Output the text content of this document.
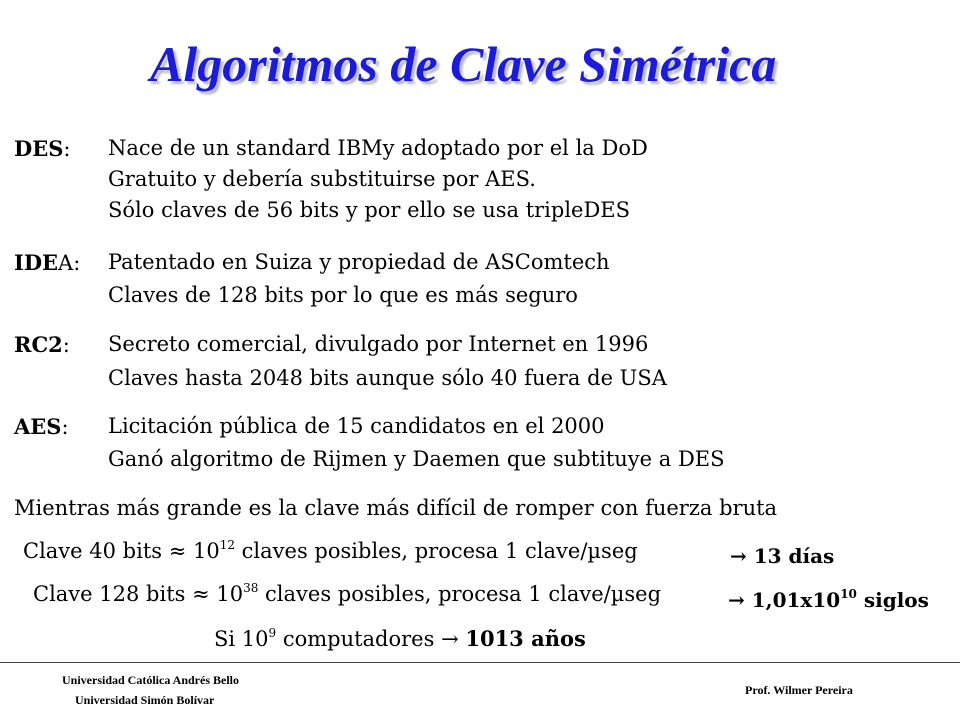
Algoritmos de Clave Simétrica
DES: Nace de un standard IBMy adoptado por el la DoD
Gratuito y debería substituirse por AES.
Sólo claves de 56 bits y por ello se usa tripleDES
IDEA: Patentado en Suiza y propiedad de ASComtech
Claves de 128 bits por lo que es más seguro
RC2: Secreto comercial, divulgado por Internet en 1996
Claves hasta 2048 bits aunque sólo 40 fuera de USA
AES: Licitación pública de 15 candidatos en el 2000
Ganó algoritmo de Rijmen y Daemen que subtituye a DES
Mientras más grande es la clave más difícil de romper con fuerza bruta
Clave 40 bits ≈ $10^{12}$ claves posibles, procesa 1 clave/µseg	→ 13 días
Clave 128 bits ≈ $10^{38}$ claves posibles, procesa 1 clave/µseg	→ $1,01x10^{10}$ siglos
Si $10^9$ computadores → 1013 años
Universidad Católica Andrés Bello
Universidad Simón Bolívar
Prof. Wilmer Pereira
